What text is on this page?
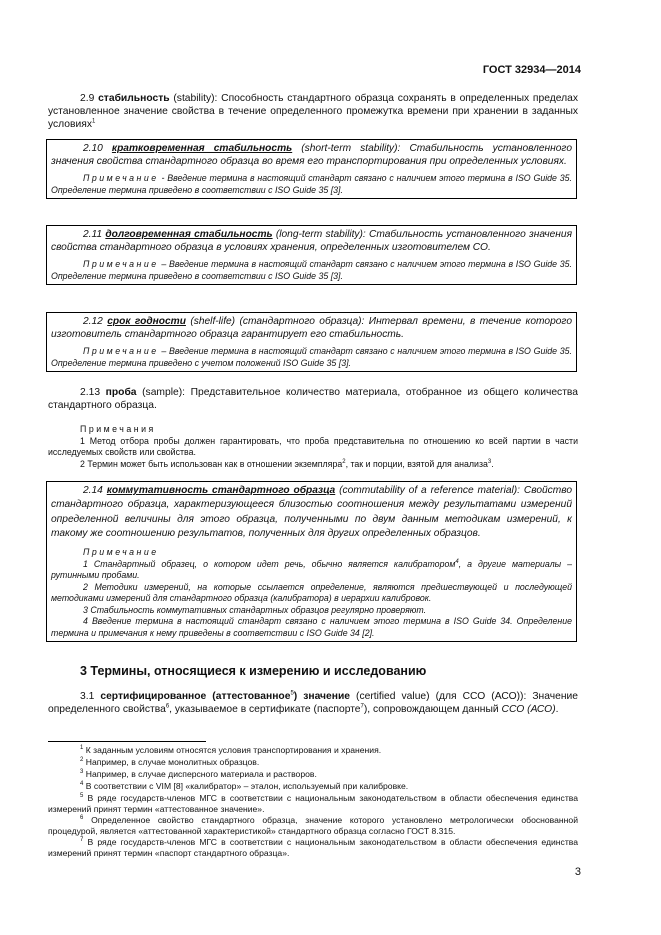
ГОСТ 32934—2014
2.9 стабильность (stability): Способность стандартного образца сохранять в определенных пределах установленное значение свойства в течение определенного промежутка времени при хранении в заданных условиях$^1$
2.10 кратковременная стабильность (short-term stability): Стабильность установленного значения свойства стандартного образца во время его транспортирования при определенных условиях.
Примечание - Введение термина в настоящий стандарт связано с наличием этого термина в ISO Guide 35. Определение термина приведено в соответствии с ISO Guide 35 [3].
2.11 долговременная стабильность (long-term stability): Стабильность установленного значения свойства стандартного образца в условиях хранения, определенных изготовителем СО.
Примечание – Введение термина в настоящий стандарт связано с наличием этого термина в ISO Guide 35. Определение термина приведено в соответствии с ISO Guide 35 [3].
2.12 срок годности (shelf-life) (стандартного образца): Интервал времени, в течение которого изготовитель стандартного образца гарантирует его стабильность.
Примечание – Введение термина в настоящий стандарт связано с наличием этого термина в ISO Guide 35. Определение термина приведено с учетом положений ISO Guide 35 [3].
2.13 проба (sample): Представительное количество материала, отобранное из общего количества стандартного образца.
Примечания
1 Метод отбора пробы должен гарантировать, что проба представительна по отношению ко всей партии в части исследуемых свойств или свойства.
2 Термин может быть использован как в отношении экземпляра$^2$, так и порции, взятой для анализа$^3$.
2.14 коммутативность стандартного образца (commutability of a reference material): Свойство стандартного образца, характеризующееся близостью соотношения между результатами измерений определенной величины для этого образца, полученными по двум данным методикам измерений, к такому же соотношению результатов, полученных для других определенных образцов.
Примечание
1 Стандартный образец, о котором идет речь, обычно является калибратором$^4$, а другие материалы – рутинными пробами.
2 Методики измерений, на которые ссылается определение, являются предшествующей и последующей методиками измерений для стандартного образца (калибратора) в иерархии калибровок.
3 Стабильность коммутативных стандартных образцов регулярно проверяют.
4 Введение термина в настоящий стандарт связано с наличием этого термина в ISO Guide 34. Определение термина и примечания к нему приведены в соответствии с ISO Guide 34 [2].
3 Термины, относящиеся к измерению и исследованию
3.1 сертифицированное (аттестованное$^5$) значение (certified value) (для ССО (АСО)): Значение определенного свойства$^6$, указываемое в сертификате (паспорте$^7$), сопровождающем данный ССО (АСО).
$^1$ К заданным условиям относятся условия транспортирования и хранения.
$^2$ Например, в случае монолитных образцов.
$^3$ Например, в случае дисперсного материала и растворов.
$^4$ В соответствии с VIM [8] «калибратор» – эталон, используемый при калибровке.
$^5$ В ряде государств-членов МГС в соответствии с национальным законодательством в области обеспечения единства измерений принят термин «аттестованное значение».
$^6$ Определенное свойство стандартного образца, значение которого установлено метрологически обоснованной процедурой, является «аттестованной характеристикой» стандартного образца согласно ГОСТ 8.315.
$^7$ В ряде государств-членов МГС в соответствии с национальным законодательством в области обеспечения единства измерений принят термин «паспорт стандартного образца».
3
